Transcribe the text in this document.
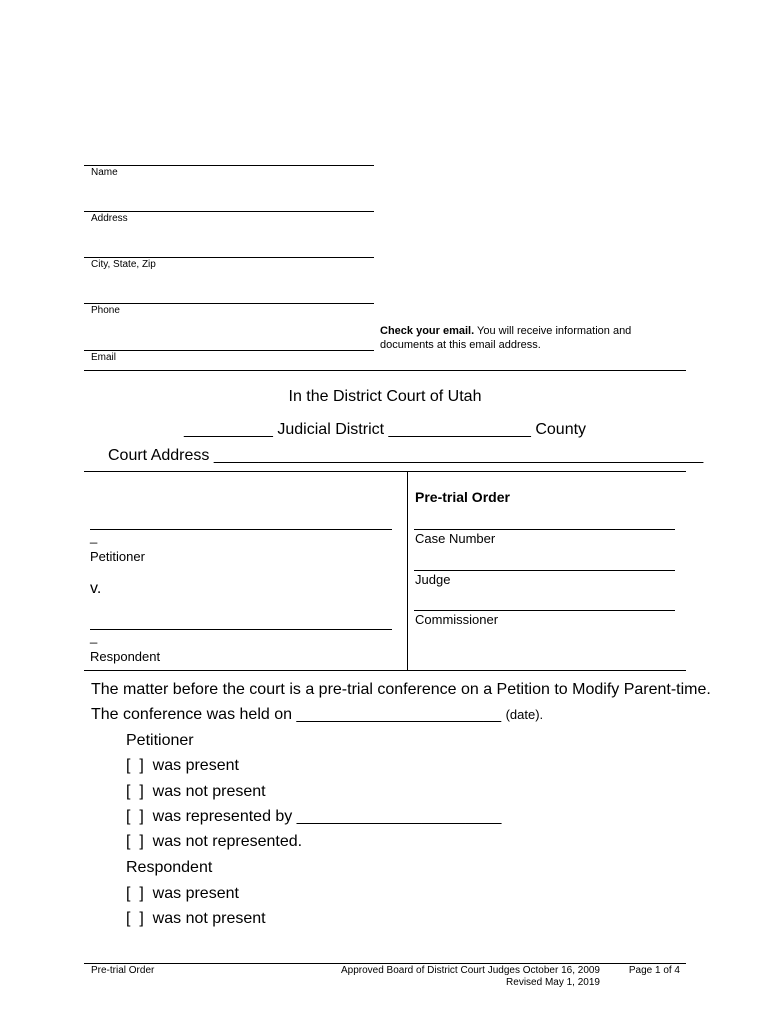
Name
Address
City, State, Zip
Phone
Email
Check your email. You will receive information and
documents at this email address.
In the District Court of Utah
__________ Judicial District ________________ County
Court Address _______________________________________________________
_
Petitioner
v.
_
Respondent
Pre-trial Order
Case Number
Judge
Commissioner
The matter before the court is a pre-trial conference on a Petition to Modify Parent-time.
The conference was held on _______________________ (date).
Petitioner
[  ]  was present
[  ]  was not present
[  ]  was represented by _______________________
[  ]  was not represented.
Respondent
[  ]  was present
[  ]  was not present
Pre-trial Order	Approved Board of District Court Judges October 16, 2009
Revised May 1, 2019
Page 1 of 4
